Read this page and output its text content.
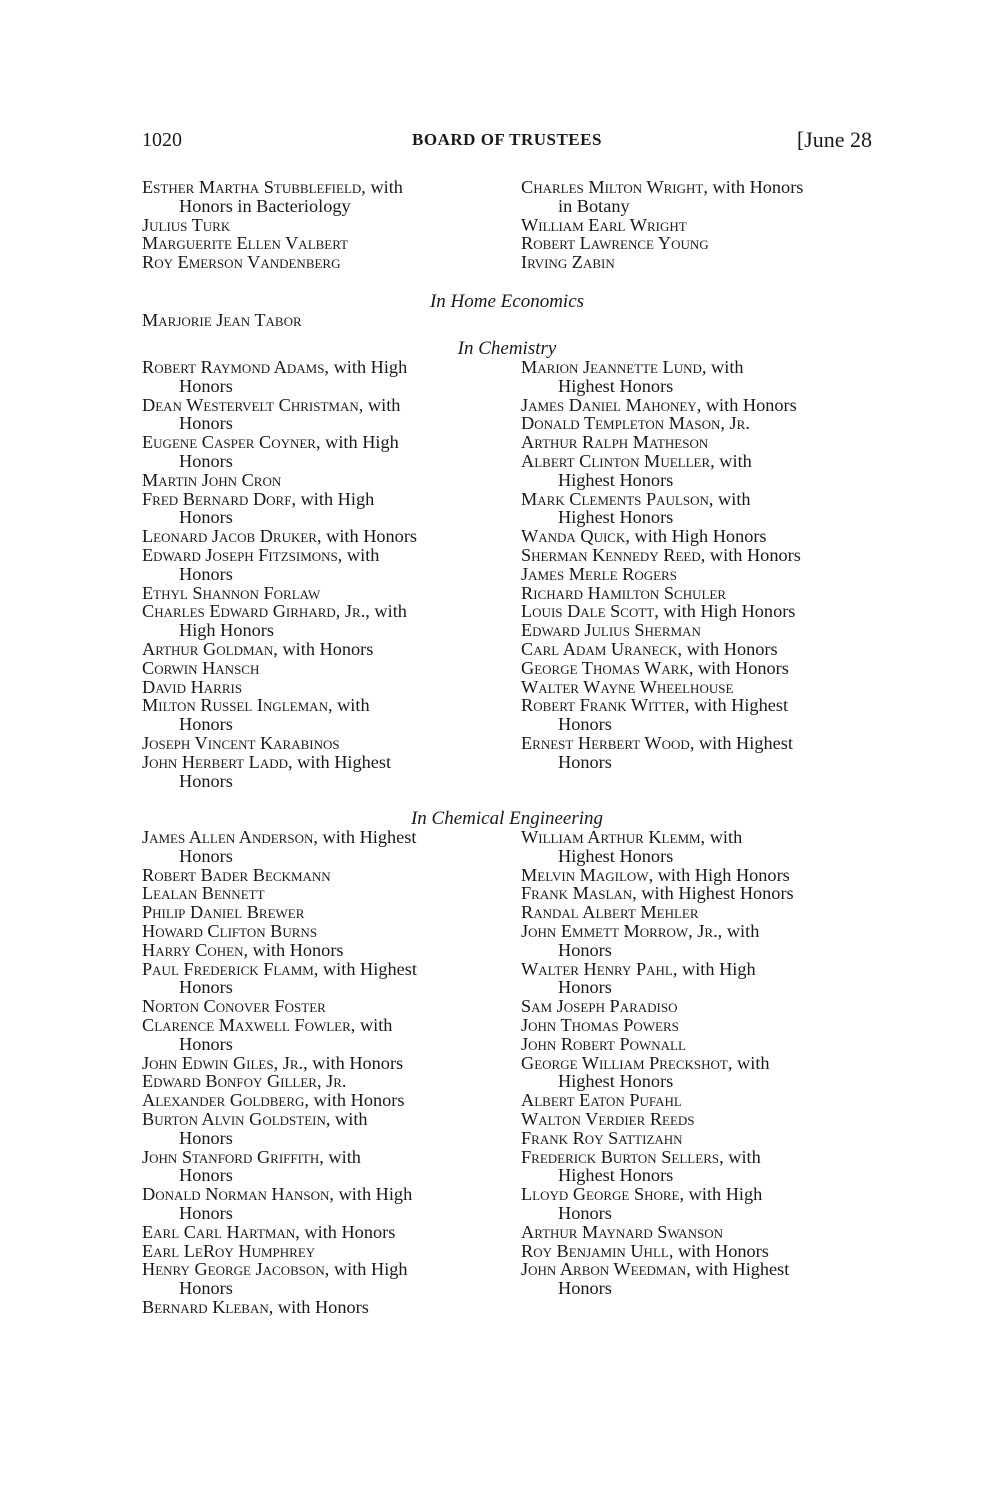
1020	BOARD OF TRUSTEES	[June 28
Esther Martha Stubblefield, with
Honors in Bacteriology
Julius Turk
Marguerite Ellen Valbert
Roy Emerson Vandenberg
Charles Milton Wright, with Honors
in Botany
William Earl Wright
Robert Lawrence Young
Irving Zabin
In Home Economics
Marjorie Jean Tabor
In Chemistry
Robert Raymond Adams, with High
Honors
Dean Westervelt Christman, with
Honors
Eugene Casper Coyner, with High
Honors
Martin John Cron
Fred Bernard Dorf, with High
Honors
Leonard Jacob Druker, with Honors
Edward Joseph Fitzsimons, with
Honors
Ethyl Shannon Forlaw
Charles Edward Girhard, Jr., with
High Honors
Arthur Goldman, with Honors
Corwin Hansch
David Harris
Milton Russel Ingleman, with
Honors
Joseph Vincent Karabinos
John Herbert Ladd, with Highest
Honors
Marion Jeannette Lund, with
Highest Honors
James Daniel Mahoney, with Honors
Donald Templeton Mason, Jr.
Arthur Ralph Matheson
Albert Clinton Mueller, with
Highest Honors
Mark Clements Paulson, with
Highest Honors
Wanda Quick, with High Honors
Sherman Kennedy Reed, with Honors
James Merle Rogers
Richard Hamilton Schuler
Louis Dale Scott, with High Honors
Edward Julius Sherman
Carl Adam Uraneck, with Honors
George Thomas Wark, with Honors
Walter Wayne Wheelhouse
Robert Frank Witter, with Highest
Honors
Ernest Herbert Wood, with Highest
Honors
In Chemical Engineering
James Allen Anderson, with Highest
Honors
Robert Bader Beckmann
Lealan Bennett
Philip Daniel Brewer
Howard Clifton Burns
Harry Cohen, with Honors
Paul Frederick Flamm, with Highest
Honors
Norton Conover Foster
Clarence Maxwell Fowler, with
Honors
John Edwin Giles, Jr., with Honors
Edward Bonfoy Giller, Jr.
Alexander Goldberg, with Honors
Burton Alvin Goldstein, with
Honors
John Stanford Griffith, with
Honors
Donald Norman Hanson, with High
Honors
Earl Carl Hartman, with Honors
Earl LeRoy Humphrey
Henry George Jacobson, with High
Honors
Bernard Kleban, with Honors
William Arthur Klemm, with
Highest Honors
Melvin Magilow, with High Honors
Frank Maslan, with Highest Honors
Randal Albert Mehler
John Emmett Morrow, Jr., with
Honors
Walter Henry Pahl, with High
Honors
Sam Joseph Paradiso
John Thomas Powers
John Robert Pownall
George William Preckshot, with
Highest Honors
Albert Eaton Pufahl
Walton Verdier Reeds
Frank Roy Sattizahn
Frederick Burton Sellers, with
Highest Honors
Lloyd George Shore, with High
Honors
Arthur Maynard Swanson
Roy Benjamin Uhll, with Honors
John Arbon Weedman, with Highest
Honors
